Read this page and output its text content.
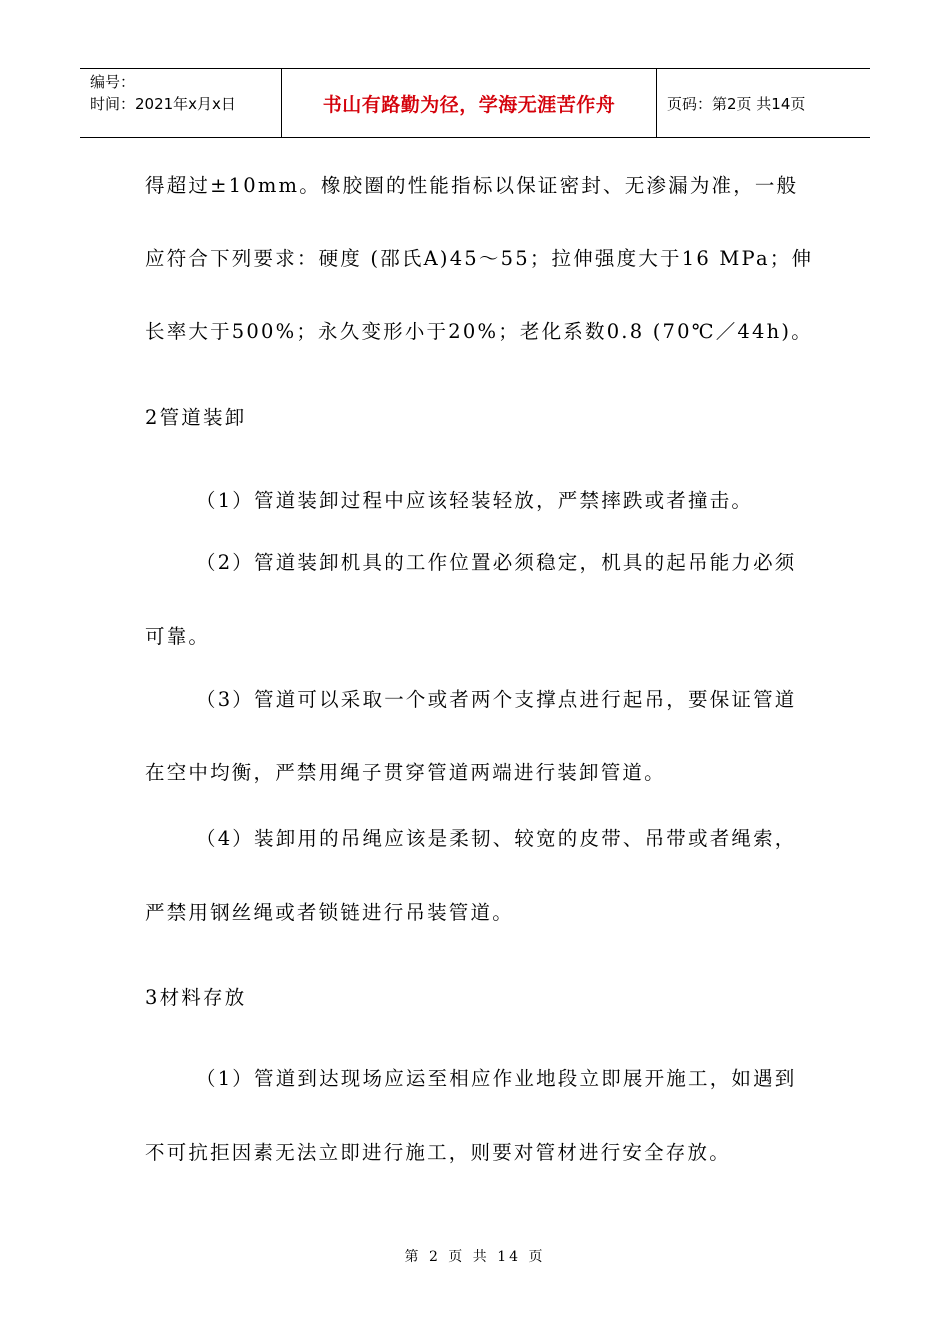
编号：
时间：2021年x月x日	书山有路勤为径，学海无涯苦作舟	页码：第2页 共14页
得超过±10mm。橡胶圈的性能指标以保证密封、无渗漏为准，一般
应符合下列要求：硬度 (邵氏A)45～55；拉伸强度大于16 MPa；伸
长率大于500%；永久变形小于20%；老化系数0.8 (70℃／44h)。
2管道装卸
（1）管道装卸过程中应该轻装轻放，严禁摔跌或者撞击。
（2）管道装卸机具的工作位置必须稳定，机具的起吊能力必须
可靠。
（3）管道可以采取一个或者两个支撑点进行起吊，要保证管道
在空中均衡，严禁用绳子贯穿管道两端进行装卸管道。
（4）装卸用的吊绳应该是柔韧、较宽的皮带、吊带或者绳索，
严禁用钢丝绳或者锁链进行吊装管道。
3材料存放
（1）管道到达现场应运至相应作业地段立即展开施工，如遇到
不可抗拒因素无法立即进行施工，则要对管材进行安全存放。
第 2 页 共 14 页
